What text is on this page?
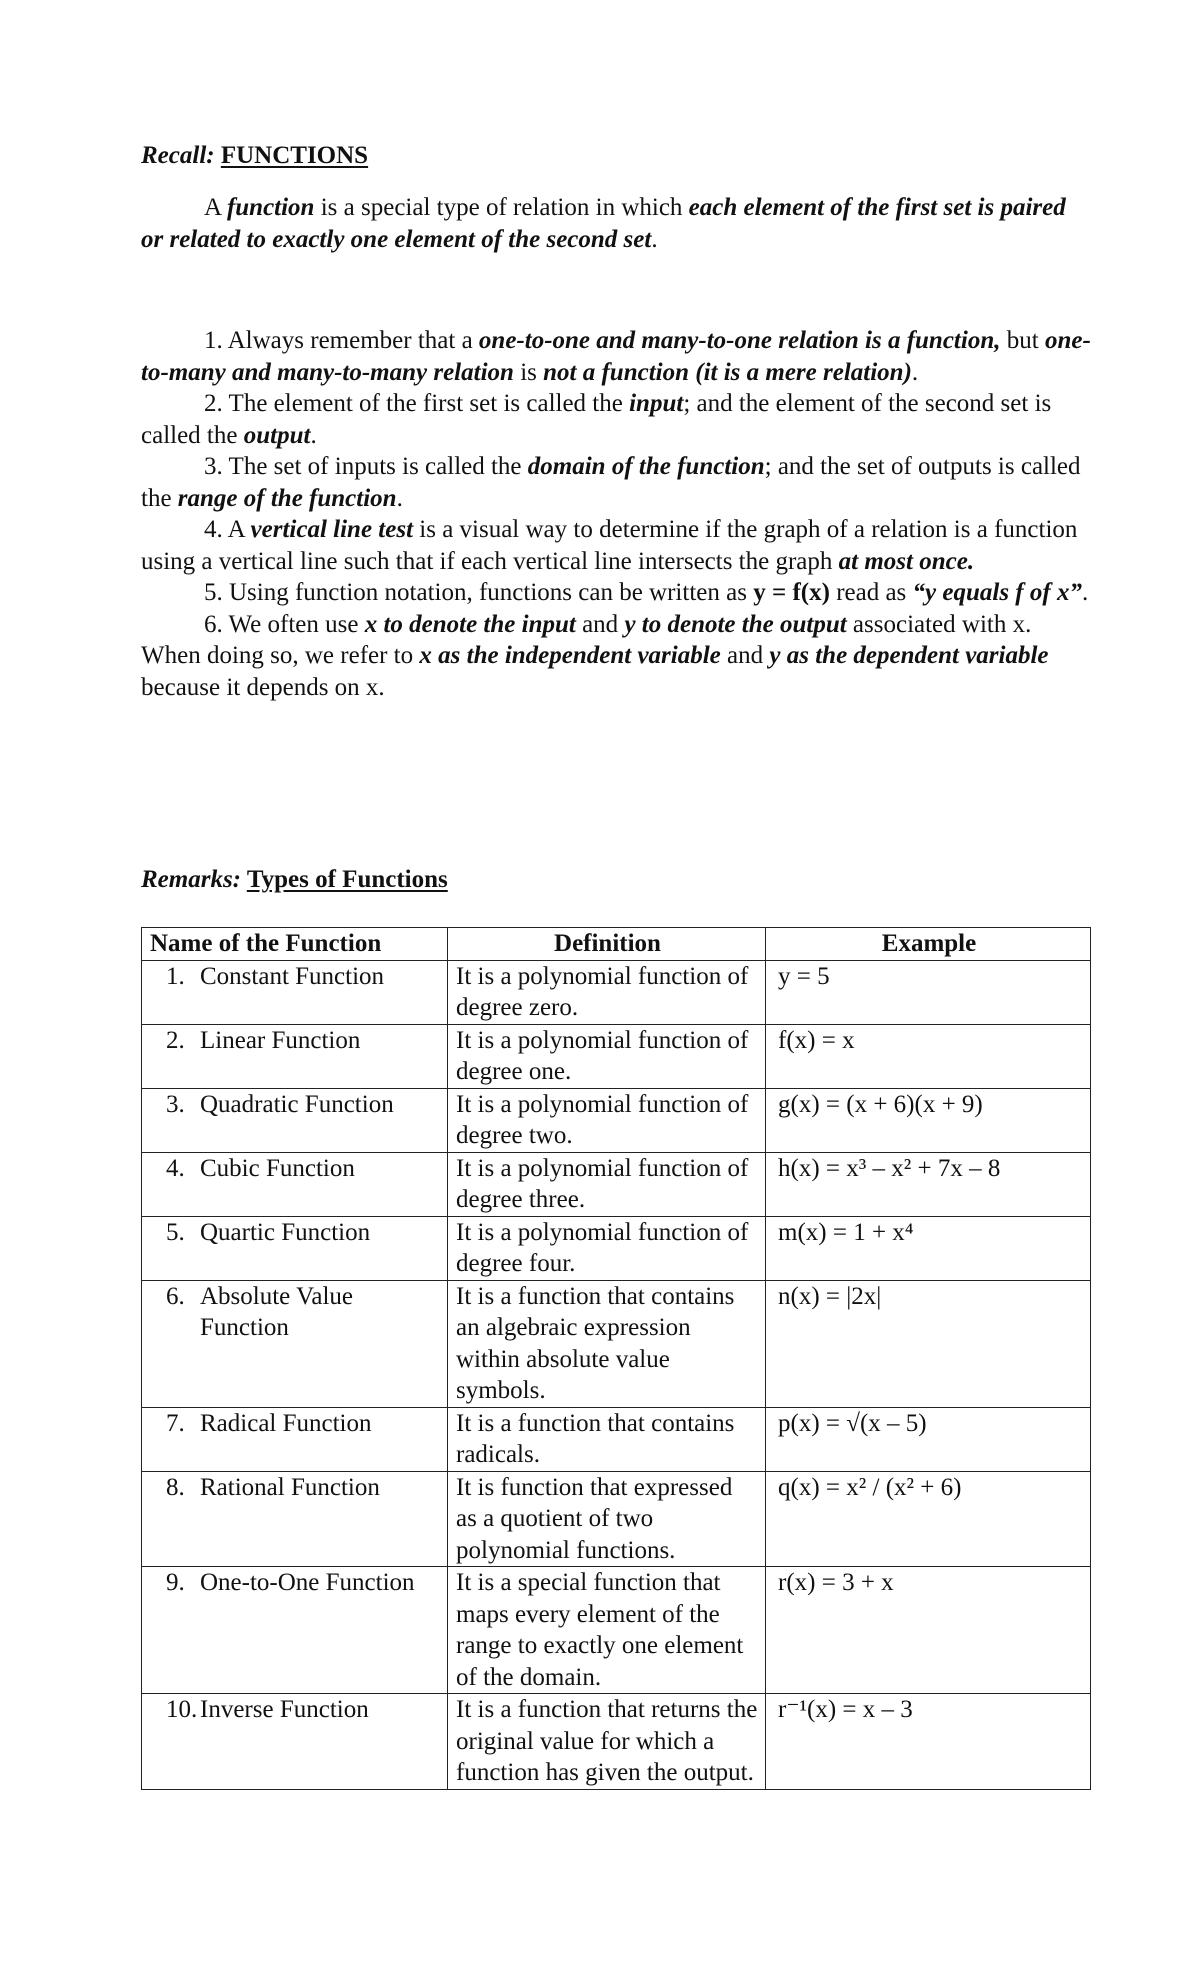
Recall: FUNCTIONS

A function is a special type of relation in which each element of the first set is paired or related to exactly one element of the second set.

1. Always remember that a one-to-one and many-to-one relation is a function, but one-to-many and many-to-many relation is not a function (it is a mere relation).

2. The element of the first set is called the input; and the element of the second set is called the output.

3. The set of inputs is called the domain of the function; and the set of outputs is called the range of the function.

4. A vertical line test is a visual way to determine if the graph of a relation is a function using a vertical line such that if each vertical line intersects the graph at most once.

5. Using function notation, functions can be written as y = f(x) read as “y equals f of x”.

6. We often use x to denote the input and y to denote the output associated with x. When doing so, we refer to x as the independent variable and y as the dependent variable because it depends on x.

Remarks: Types of Functions
Name of the Function	Definition	Example

1. Constant Function	It is a polynomial function of degree zero.	y = 5

2. Linear Function	It is a polynomial function of degree one.	f(x) = x

3. Quadratic Function	It is a polynomial function of degree two.	g(x) = (x + 6)(x + 9)

4. Cubic Function	It is a polynomial function of degree three.	h(x) = x³ – x² + 7x – 8

5. Quartic Function	It is a polynomial function of degree four.	m(x) = 1 + x⁴

6. Absolute Value Function	It is a function that contains an algebraic expression within absolute value symbols.	n(x) = |2x|

7. Radical Function	It is a function that contains radicals.	p(x) = √(x – 5)

8. Rational Function	It is function that expressed as a quotient of two polynomial functions.	q(x) = x² / (x² + 6)

9. One-to-One Function	It is a special function that maps every element of the range to exactly one element of the domain.	r(x) = 3 + x

10. Inverse Function	It is a function that returns the original value for which a function has given the output.	r⁻¹(x) = x – 3
